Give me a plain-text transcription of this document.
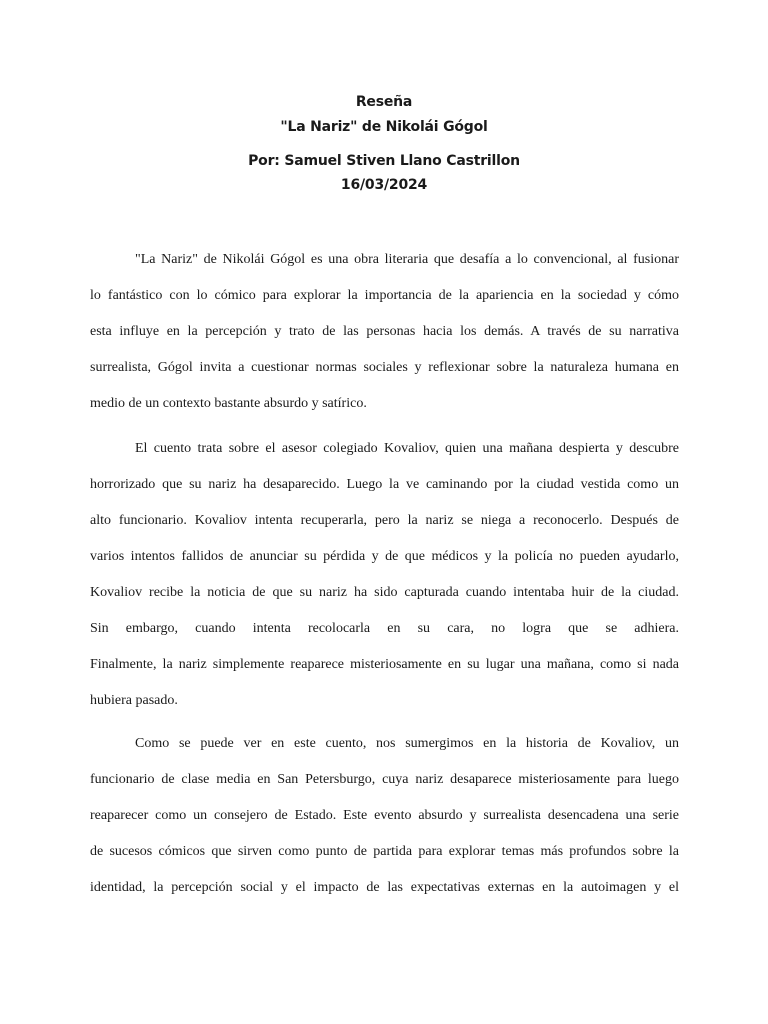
Reseña

"La Nariz" de Nikolái Gógol

Por: Samuel Stiven Llano Castrillon

16/03/2024

"La Nariz" de Nikolái Gógol es una obra literaria que desafía a lo convencional, al fusionar
lo fantástico con lo cómico para explorar la importancia de la apariencia en la sociedad y cómo
esta influye en la percepción y trato de las personas hacia los demás. A través de su narrativa
surrealista, Gógol invita a cuestionar normas sociales y reflexionar sobre la naturaleza humana en
medio de un contexto bastante absurdo y satírico.
El cuento trata sobre el asesor colegiado Kovaliov, quien una mañana despierta y descubre
horrorizado que su nariz ha desaparecido. Luego la ve caminando por la ciudad vestida como un
alto funcionario. Kovaliov intenta recuperarla, pero la nariz se niega a reconocerlo. Después de
varios intentos fallidos de anunciar su pérdida y de que médicos y la policía no pueden ayudarlo,
Kovaliov recibe la noticia de que su nariz ha sido capturada cuando intentaba huir de la ciudad.
Sin embargo, cuando intenta recolocarla en su cara, no logra que se adhiera.
Finalmente, la nariz simplemente reaparece misteriosamente en su lugar una mañana, como si nada
hubiera pasado.
Como se puede ver en este cuento, nos sumergimos en la historia de Kovaliov, un
funcionario de clase media en San Petersburgo, cuya nariz desaparece misteriosamente para luego
reaparecer como un consejero de Estado. Este evento absurdo y surrealista desencadena una serie
de sucesos cómicos que sirven como punto de partida para explorar temas más profundos sobre la
identidad, la percepción social y el impacto de las expectativas externas en la autoimagen y el
